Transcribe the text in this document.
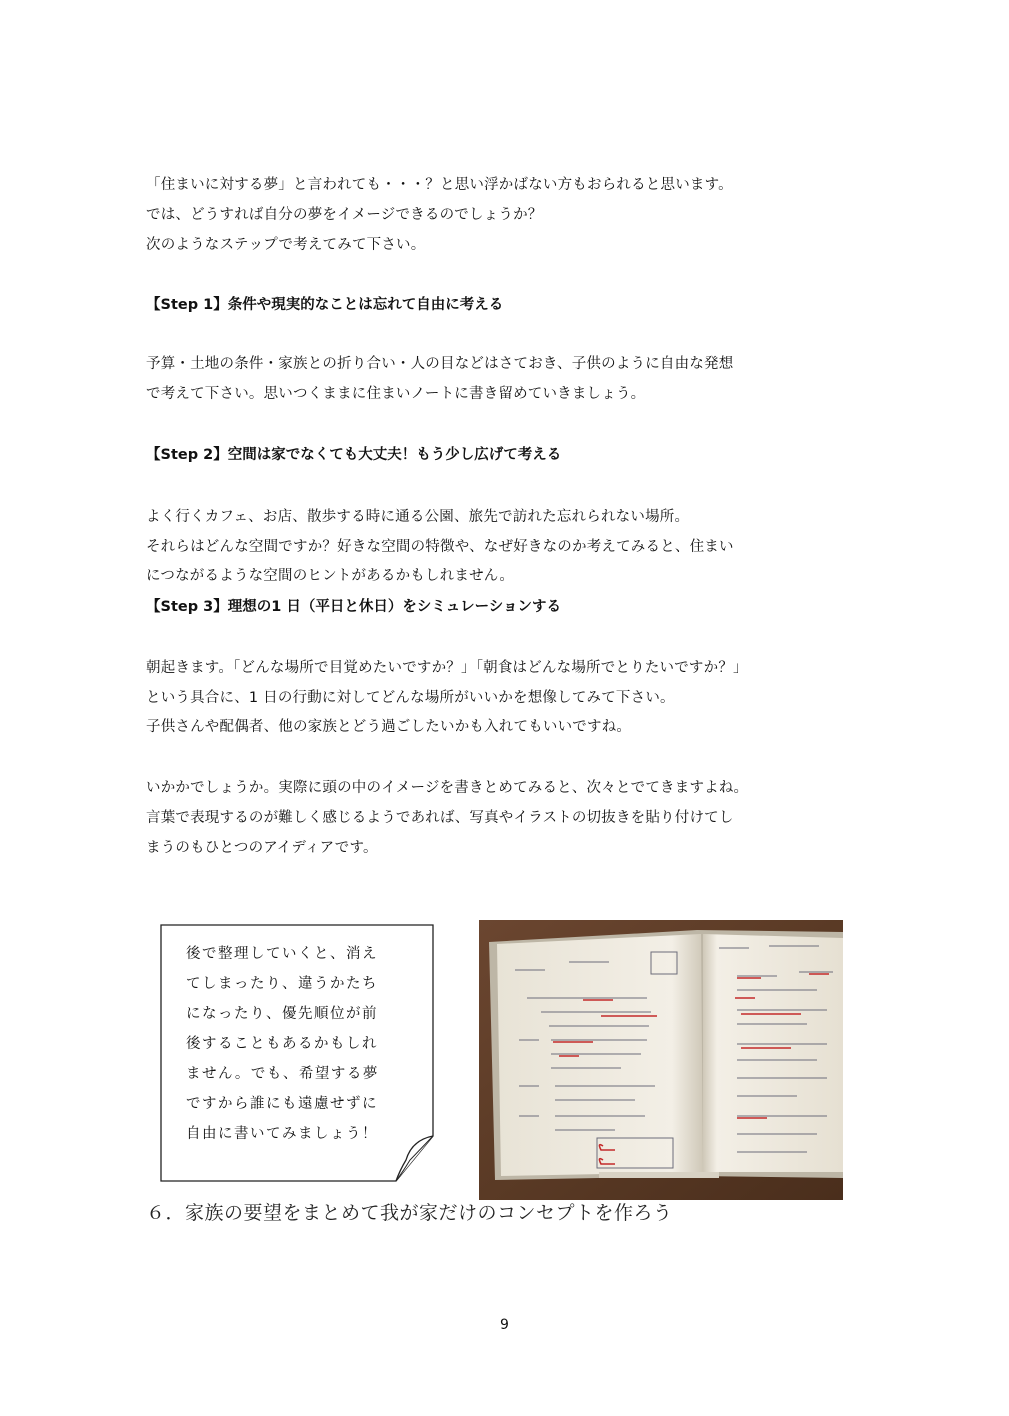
「住まいに対する夢」と言われても・・・？と思い浮かばない方もおられると思います。
では、どうすれば自分の夢をイメージできるのでしょうか？
次のようなステップで考えてみて下さい。
【Step 1】条件や現実的なことは忘れて自由に考える
予算・土地の条件・家族との折り合い・人の目などはさておき、子供のように自由な発想
で考えて下さい。思いつくままに住まいノートに書き留めていきましょう。
【Step 2】空間は家でなくても大丈夫！もう少し広げて考える
よく行くカフェ、お店、散歩する時に通る公園、旅先で訪れた忘れられない場所。
それらはどんな空間ですか？好きな空間の特徴や、なぜ好きなのか考えてみると、住まい
につながるような空間のヒントがあるかもしれません。
【Step 3】理想の1 日（平日と休日）をシミュレーションする
朝起きます。「どんな場所で目覚めたいですか？」「朝食はどんな場所でとりたいですか？」
という具合に、1 日の行動に対してどんな場所がいいかを想像してみて下さい。
子供さんや配偶者、他の家族とどう過ごしたいかも入れてもいいですね。
いかかでしょうか。実際に頭の中のイメージを書きとめてみると、次々とでてきますよね。
言葉で表現するのが難しく感じるようであれば、写真やイラストの切抜きを貼り付けてし
まうのもひとつのアイディアです。
後で整理していくと、消え
てしまったり、違うかたち
になったり、優先順位が前
後することもあるかもしれ
ません。でも、希望する夢
ですから誰にも遠慮せずに
自由に書いてみましょう！
６．家族の要望をまとめて我が家だけのコンセプトを作ろう
9
